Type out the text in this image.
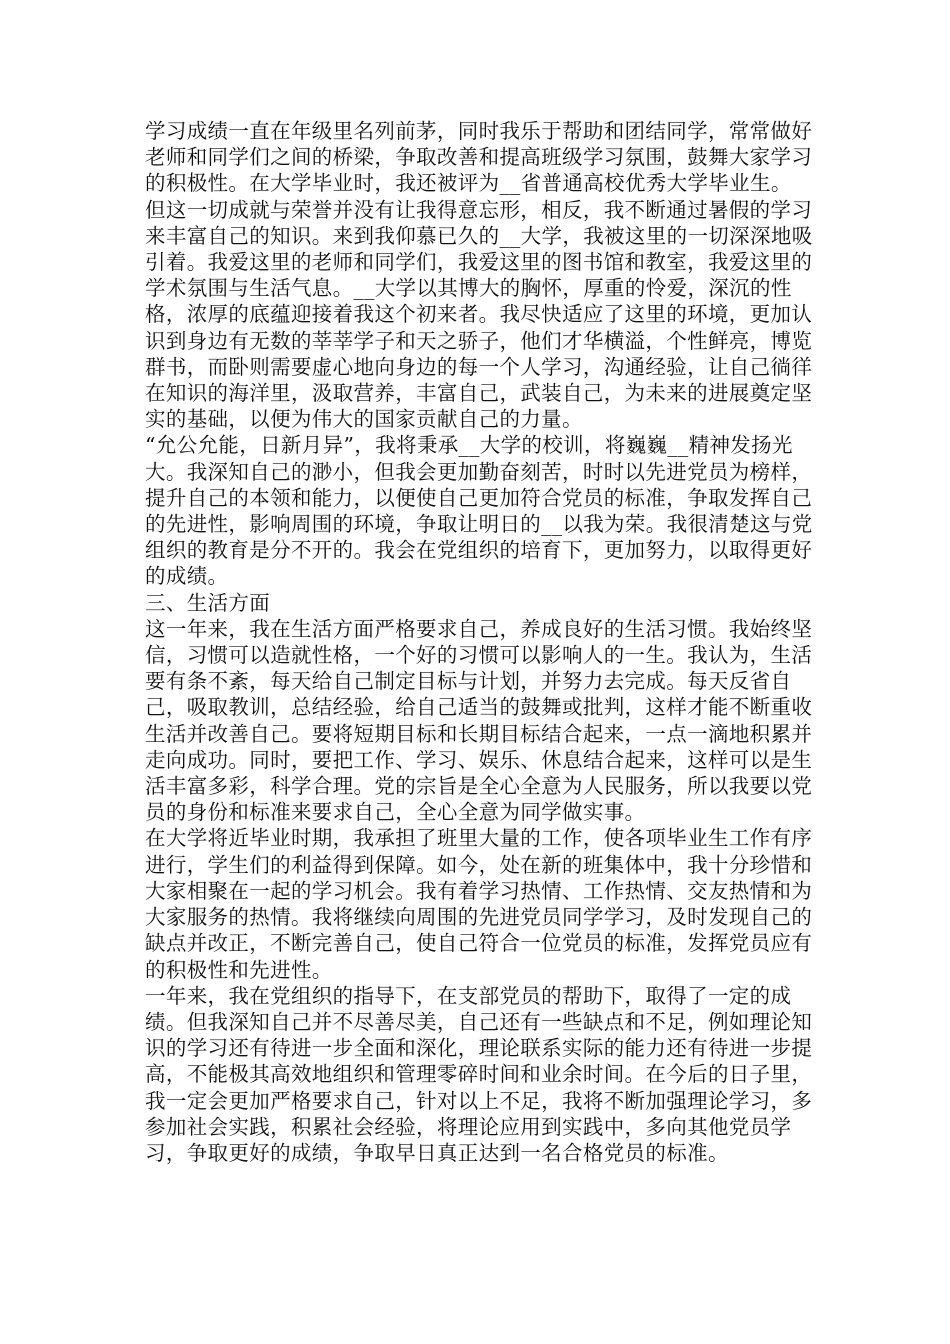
学习成绩一直在年级里名列前茅，同时我乐于帮助和团结同学，常常做好老师和同学们之间的桥梁，争取改善和提高班级学习氛围，鼓舞大家学习的积极性。在大学毕业时，我还被评为__省普通高校优秀大学毕业生。

但这一切成就与荣誉并没有让我得意忘形，相反，我不断通过暑假的学习来丰富自己的知识。来到我仰慕已久的__大学，我被这里的一切深深地吸引着。我爱这里的老师和同学们，我爱这里的图书馆和教室，我爱这里的学术氛围与生活气息。__大学以其博大的胸怀，厚重的怜爱，深沉的性格，浓厚的底蕴迎接着我这个初来者。我尽快适应了这里的环境，更加认识到身边有无数的莘莘学子和天之骄子，他们才华横溢，个性鲜亮，博览群书，而卧则需要虚心地向身边的每一个人学习，沟通经验，让自己徜徉在知识的海洋里，汲取营养，丰富自己，武装自己，为未来的进展奠定坚实的基础，以便为伟大的国家贡献自己的力量。

“允公允能，日新月异”，我将秉承__大学的校训，将巍巍__精神发扬光大。我深知自己的渺小，但我会更加勤奋刻苦，时时以先进党员为榜样，提升自己的本领和能力，以便使自己更加符合党员的标准，争取发挥自己的先进性，影响周围的环境，争取让明日的__以我为荣。我很清楚这与党组织的教育是分不开的。我会在党组织的培育下，更加努力，以取得更好的成绩。

三、生活方面

这一年来，我在生活方面严格要求自己，养成良好的生活习惯。我始终坚信，习惯可以造就性格，一个好的习惯可以影响人的一生。我认为，生活要有条不紊，每天给自己制定目标与计划，并努力去完成。每天反省自己，吸取教训，总结经验，给自己适当的鼓舞或批判，这样才能不断重收生活并改善自己。要将短期目标和长期目标结合起来，一点一滴地积累并走向成功。同时，要把工作、学习、娱乐、休息结合起来，这样可以是生活丰富多彩，科学合理。党的宗旨是全心全意为人民服务，所以我要以党员的身份和标准来要求自己，全心全意为同学做实事。

在大学将近毕业时期，我承担了班里大量的工作，使各项毕业生工作有序进行，学生们的利益得到保障。如今，处在新的班集体中，我十分珍惜和大家相聚在一起的学习机会。我有着学习热情、工作热情、交友热情和为大家服务的热情。我将继续向周围的先进党员同学学习，及时发现自己的缺点并改正，不断完善自己，使自己符合一位党员的标准，发挥党员应有的积极性和先进性。

一年来，我在党组织的指导下，在支部党员的帮助下，取得了一定的成绩。但我深知自己并不尽善尽美，自己还有一些缺点和不足，例如理论知识的学习还有待进一步全面和深化，理论联系实际的能力还有待进一步提高，不能极其高效地组织和管理零碎时间和业余时间。在今后的日子里，我一定会更加严格要求自己，针对以上不足，我将不断加强理论学习，多参加社会实践，积累社会经验，将理论应用到实践中，多向其他党员学习，争取更好的成绩，争取早日真正达到一名合格党员的标准。
